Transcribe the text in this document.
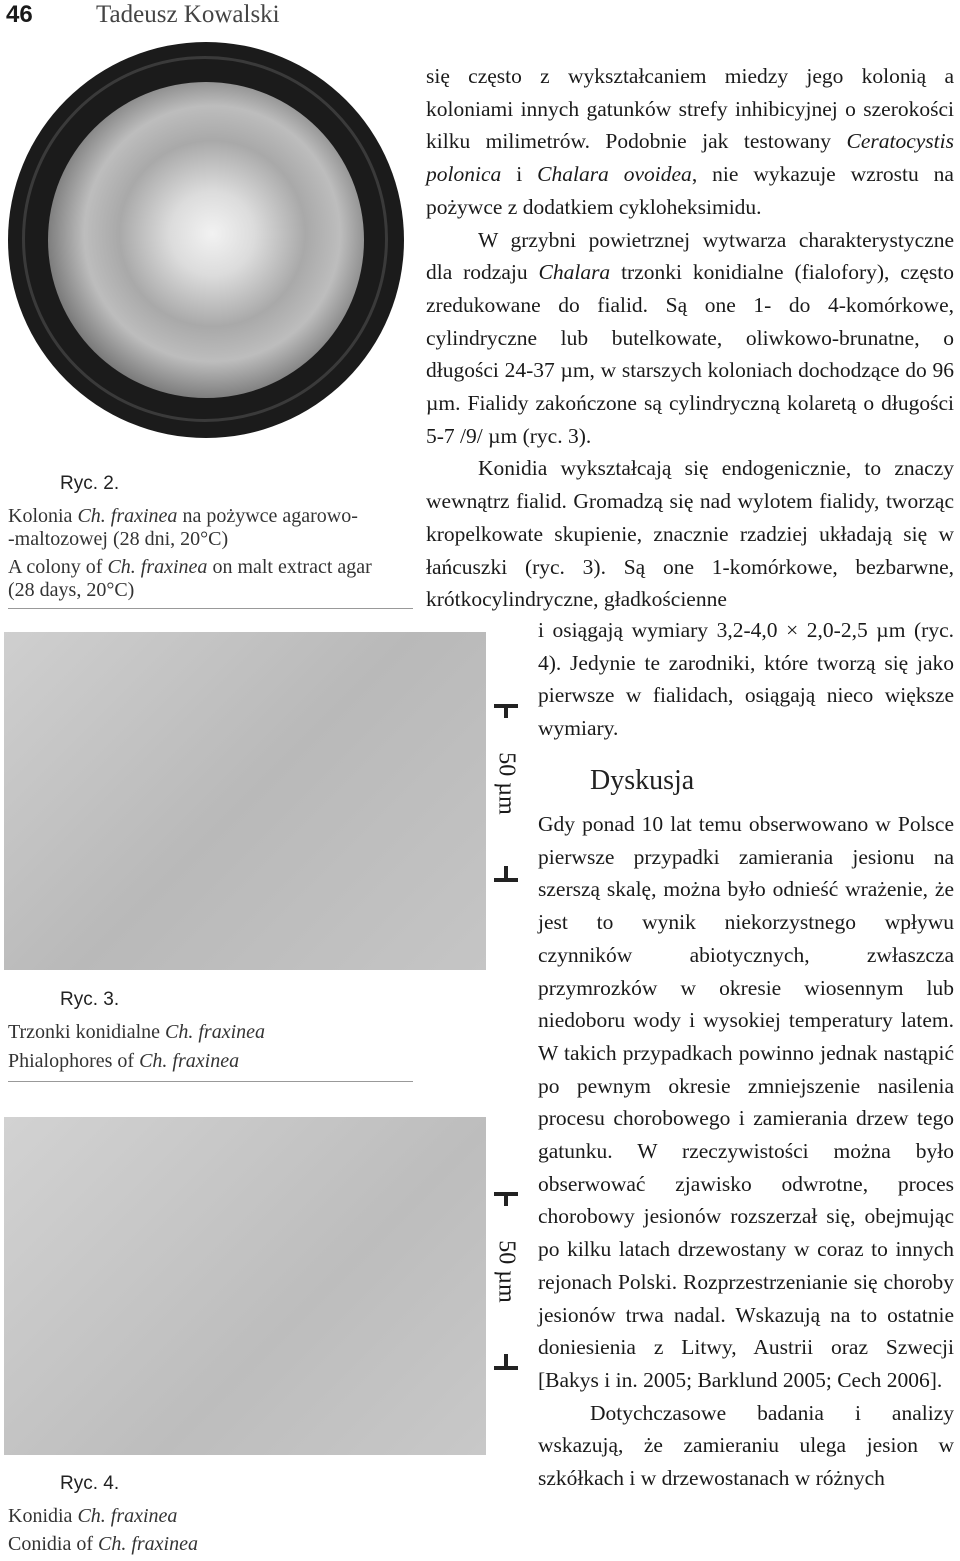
46	Tadeusz Kowalski
Ryc. 2.
Kolonia Ch. fraxinea na pożywce agarowo-
-maltozowej (28 dni, 20°C)
A colony of Ch. fraxinea on malt extract agar
(28 days, 20°C)
50 µm
Ryc. 3.
Trzonki konidialne Ch. fraxinea
Phialophores of Ch. fraxinea
50 µm
Ryc. 4.
Konidia Ch. fraxinea
Conidia of Ch. fraxinea

się często z wykształcaniem miedzy jego kolonią a koloniami innych gatunków strefy inhibicyjnej o szerokości kilku milimetrów. Podobnie jak testowany Ceratocystis polonica i Chalara ovoidea, nie wykazuje wzrostu na pożywce z dodatkiem cykloheksimidu.

W grzybni powietrznej wytwarza charakterystyczne dla rodzaju Chalara trzonki konidialne (fialofory), często zredukowane do fialid. Są one 1- do 4-komórkowe, cylindryczne lub butelkowate, oliwkowo-brunatne, o długości 24-37 µm, w starszych koloniach dochodzące do 96 µm. Fialidy zakończone są cylindryczną kolaretą o długości 5-7 /9/ µm (ryc. 3).

Konidia wykształcają się endogenicznie, to znaczy wewnątrz fialid. Gromadzą się nad wylotem fialidy, tworząc kropelkowate skupienie, znacznie rzadziej układają się w łańcuszki (ryc. 3). Są one 1-komórkowe, bezbarwne, krótkocylindryczne, gładkościenne

i osiągają wymiary 3,2-4,0 × 2,0-2,5 µm (ryc. 4). Jedynie te zarodniki, które tworzą się jako pierwsze w fialidach, osiągają nieco większe wymiary.

Dyskusja

Gdy ponad 10 lat temu obserwowano w Polsce pierwsze przypadki zamierania jesionu na szerszą skalę, można było odnieść wrażenie, że jest to wynik niekorzystnego wpływu czynników abiotycznych, zwłaszcza przymrozków w okresie wiosennym lub niedoboru wody i wysokiej temperatury latem. W takich przypadkach powinno jednak nastąpić po pewnym okresie zmniejszenie nasilenia procesu chorobowego i zamierania drzew tego gatunku. W rzeczywistości można było obserwować zjawisko odwrotne, proces chorobowy jesionów rozszerzał się, obejmując po kilku latach drzewostany w coraz to innych rejonach Polski. Rozprzestrzenianie się choroby jesionów trwa nadal. Wskazują na to ostatnie doniesienia z Litwy, Austrii oraz Szwecji [Bakys i in. 2005; Barklund 2005; Cech 2006].

Dotychczasowe badania i analizy wskazują, że zamieraniu ulega jesion w szkółkach i w drzewostanach w różnych
